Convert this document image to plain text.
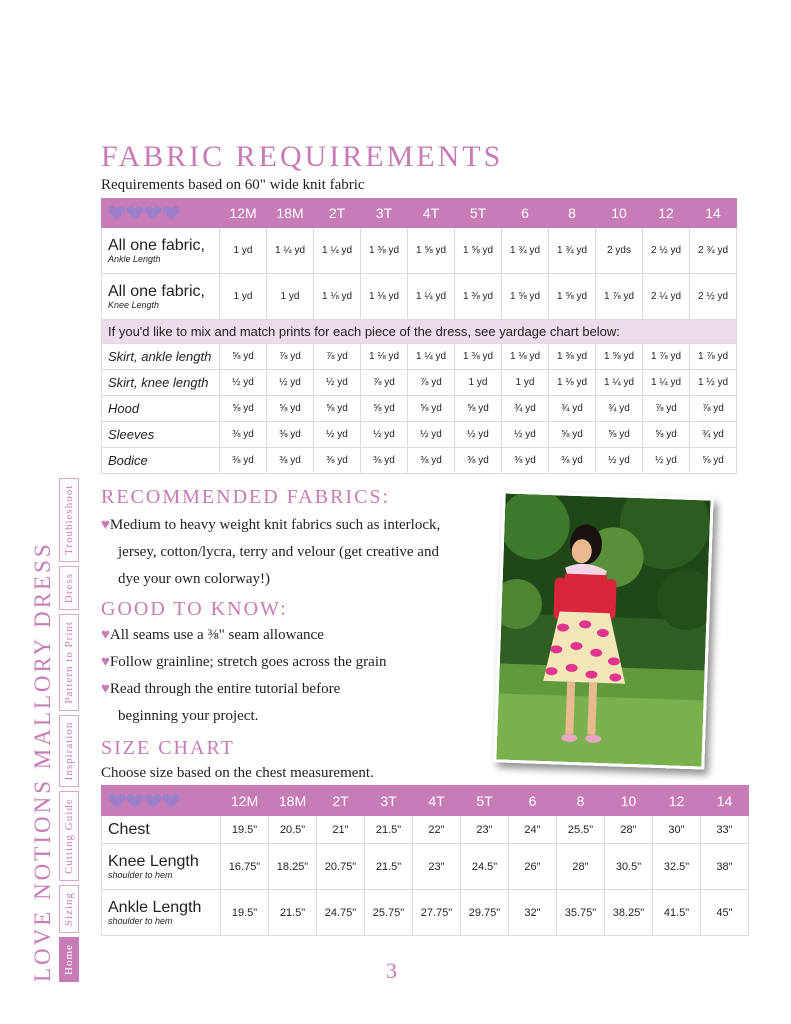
LOVE NOTIONS MALLORY DRESS Home
Sizing
Cutting Guide
Inspiration
Pattern to Print
Dress
Troubleshoot
FABRIC REQUIREMENTS
Requirements based on 60" wide knit fabric
	12M	18M	2T	3T	4T	5T	6	8	10	12	14

All one fabric,
Ankle Length	1 yd	1 ¼ yd	1 ¼ yd	1 ⅜ yd	1 ⅝ yd	1 ⅝ yd	1 ¾ yd	1 ¾ yd	2 yds	2 ½ yd	2 ¾ yd

All one fabric,
Knee Length	1 yd	1 yd	1 ⅛ yd	1 ⅛ yd	1 ¼ yd	1 ⅜ yd	1 ⅝ yd	1 ⅝ yd	1 ⅞ yd	2 ¼ yd	2 ½ yd
If you'd like to mix and match prints for each piece of the dress, see yardage chart below:											
Skirt, ankle length	⅝ yd	⅞ yd	⅞ yd	1 ⅛ yd	1 ¼ yd	1 ⅜ yd	1 ⅛ yd	1 ⅜ yd	1 ⅝ yd	1 ⅞ yd	1 ⅞ yd
Skirt, knee length	½ yd	½ yd	½ yd	⅞ yd	⅞ yd	1 yd	1 yd	1 ⅛ yd	1 ¼ yd	1 ¼ yd	1 ½ yd
Hood	⅝ yd	⅝ yd	⅝ yd	⅝ yd	⅝ yd	⅝ yd	¾ yd	¾ yd	¾ yd	⅞ yd	⅞ yd
Sleeves	⅜ yd	⅜ yd	½ yd	½ yd	½ yd	½ yd	½ yd	⅝ yd	⅝ yd	⅝ yd	¾ yd
Bodice	⅜ yd	⅜ yd	⅜ yd	⅜ yd	⅜ yd	⅜ yd	⅜ yd	⅜ yd	½ yd	½ yd	⅝ yd
RECOMMENDED FABRICS:
♥Medium to heavy weight knit fabrics such as interlock,
jersey, cotton/lycra, terry and velour (get creative and
dye your own colorway!)
GOOD TO KNOW:
♥All seams use a ⅜" seam allowance
♥Follow grainline; stretch goes across the grain
♥Read through the entire tutorial before
beginning your project.
SIZE CHART
Choose size based on the chest measurement.
	12M	18M	2T	3T	4T	5T	6	8	10	12	14

Chest	19.5"	20.5"	21"	21.5"	22"	23"	24"	25.5"	28"	30"	33"

Knee Length
shoulder to hem	16.75"	18.25"	20.75"	21.5"	23"	24.5"	26"	28"	30.5"	32.5"	38"

Ankle Length
shoulder to hem	19.5"	21.5"	24.75"	25.75"	27.75"	29.75"	32"	35.75"	38.25"	41.5"	45"
3
